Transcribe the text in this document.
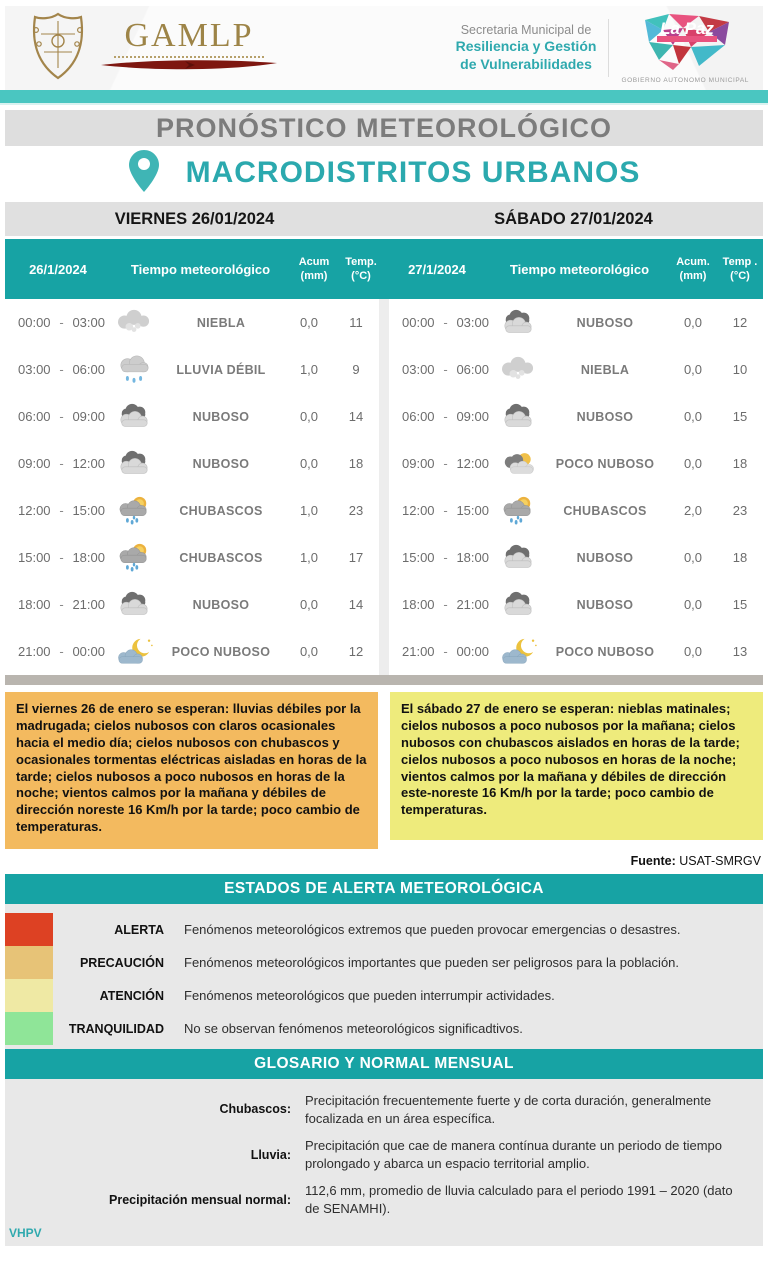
GAMLP	Secretaria Municipal de
Resiliencia y Gestión
de Vulnerabilidades
La Paz
GOBIERNO AUTONOMO MUNICIPAL
PRONÓSTICO METEOROLÓGICO
MACRODISTRITOS URBANOS
VIERNES 26/01/2024	SÁBADO 27/01/2024
26/1/2024	Tiempo meteorológico	Acum
(mm)
Temp.
(°C)	27/1/2024	Tiempo meteorológico	Acum.
(mm)
Temp .
(°C)
00:00 - 03:00	NIEBLA	0,0	11
03:00 - 06:00	LLUVIA DÉBIL	1,0	9
06:00 - 09:00	NUBOSO	0,0	14
09:00 - 12:00	NUBOSO	0,0	18
12:00 - 15:00	CHUBASCOS	1,0	23
15:00 - 18:00	CHUBASCOS	1,0	17
18:00 - 21:00	NUBOSO	0,0	14
21:00 - 00:00	POCO NUBOSO	0,0	12
00:00 - 03:00	NUBOSO	0,0	12
03:00 - 06:00	NIEBLA	0,0	10
06:00 - 09:00	NUBOSO	0,0	15
09:00 - 12:00	POCO NUBOSO	0,0	18
12:00 - 15:00	CHUBASCOS	2,0	23
15:00 - 18:00	NUBOSO	0,0	18
18:00 - 21:00	NUBOSO	0,0	15
21:00 - 00:00	POCO NUBOSO	0,0	13
El viernes 26 de enero se esperan: lluvias débiles por la madrugada; cielos nubosos con claros ocasionales hacia el medio día; cielos nubosos con chubascos y ocasionales tormentas eléctricas aisladas en horas de la tarde; cielos nubosos a poco nubosos en horas de la noche; vientos calmos por la mañana y débiles de dirección noreste 16 Km/h por la tarde; poco cambio de temperaturas.
El sábado 27 de enero se esperan: nieblas matinales; cielos nubosos a poco nubosos por la mañana; cielos nubosos con chubascos aislados en horas de la tarde; cielos nubosos a poco nubosos en horas de la noche; vientos calmos por la mañana y débiles de dirección este-noreste 16 Km/h por la tarde; poco cambio de temperaturas.
Fuente: USAT-SMRGV
ESTADOS DE ALERTA METEOROLÓGICA
ALERTA	Fenómenos meteorológicos extremos que pueden provocar emergencias o desastres.
PRECAUCIÓN	Fenómenos meteorológicos importantes que pueden ser peligrosos para la población.
ATENCIÓN	Fenómenos meteorológicos que pueden interrumpir actividades.
TRANQUILIDAD	No se observan fenómenos meteorológicos significadtivos.
GLOSARIO Y NORMAL MENSUAL
Chubascos:
Precipitación frecuentemente fuerte y de corta duración, generalmente focalizada en un área específica.
Lluvia:
Precipitación que cae de manera contínua durante un periodo de tiempo prolongado y abarca un espacio territorial amplio.
Precipitación mensual normal:
112,6 mm, promedio de lluvia calculado para el periodo 1991 – 2020 (dato de SENAMHI).
VHPV
